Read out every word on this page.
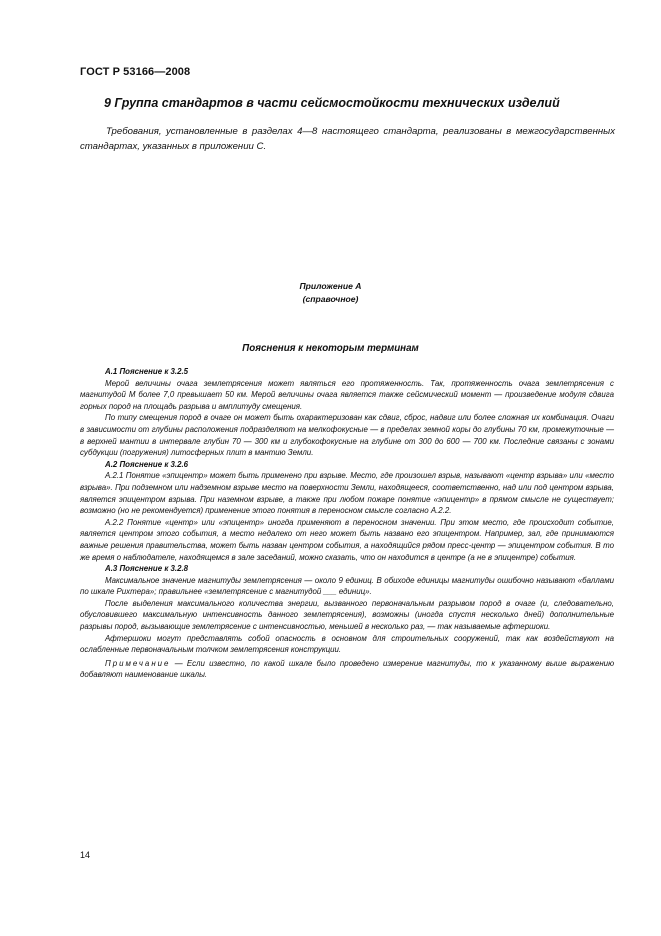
ГОСТ Р 53166—2008
9 Группа стандартов в части сейсмостойкости технических изделий

Требования, установленные в разделах 4—8 настоящего стандарта, реализованы в межгосударственных стандартах, указанных в приложении С.

Приложение А
(справочное)
Пояснения к некоторым терминам

А.1 Пояснение к 3.2.5

Мерой величины очага землетрясения может являться его протяженность. Так, протяженность очага землетрясения с магнитудой М более 7,0 превышает 50 км. Мерой величины очага является также сейсмический момент — произведение модуля сдвига горных пород на площадь разрыва и амплитуду смещения.

По типу смещения пород в очаге он может быть охарактеризован как сдвиг, сброс, надвиг или более сложная их комбинация. Очаги в зависимости от глубины расположения подразделяют на мелкофокусные — в пределах земной коры до глубины 70 км, промежуточные — в верхней мантии в интервале глубин 70 — 300 км и глубокофокусные на глубине от 300 до 600 — 700 км. Последние связаны с зонами субдукции (погружения) литосферных плит в мантию Земли.

А.2 Пояснение к 3.2.6

А.2.1 Понятие «эпицентр» может быть применено при взрыве. Место, где произошел взрыв, называют «центр взрыва» или «место взрыва». При подземном или надземном взрыве место на поверхности Земли, находящееся, соответственно, над или под центром взрыва, является эпицентром взрыва. При наземном взрыве, а также при любом пожаре понятие «эпицентр» в прямом смысле не существует; возможно (но не рекомендуется) применение этого понятия в переносном смысле согласно А.2.2.

А.2.2 Понятие «центр» или «эпицентр» иногда применяют в переносном значении. При этом место, где происходит событие, является центром этого события, а место недалеко от него может быть названо его эпицентром. Например, зал, где принимаются важные решения правительства, может быть назван центром события, а находящийся рядом пресс-центр — эпицентром события. В то же время о наблюдателе, находящемся в зале заседаний, можно сказать, что он находится в центре (а не в эпицентре) события.

А.3 Пояснение к 3.2.8

Максимальное значение магнитуды землетрясения — около 9 единиц. В обиходе единицы магнитуды ошибочно называют «баллами по шкале Рихтера»; правильнее «землетрясение с магнитудой ___ единиц».

После выделения максимального количества энергии, вызванного первоначальным разрывом пород в очаге (и, следовательно, обусловившего максимальную интенсивность данного землетрясения), возможны (иногда спустя несколько дней) дополнительные разрывы пород, вызывающие землетрясение с интенсивностью, меньшей в несколько раз, — так называемые афтершоки.

Афтершоки могут представлять собой опасность в основном для строительных сооружений, так как воздействуют на ослабленные первоначальным толчком землетрясения конструкции.

Примечание — Если известно, по какой шкале было проведено измерение магнитуды, то к указанному выше выражению добавляют наименование шкалы.

14
